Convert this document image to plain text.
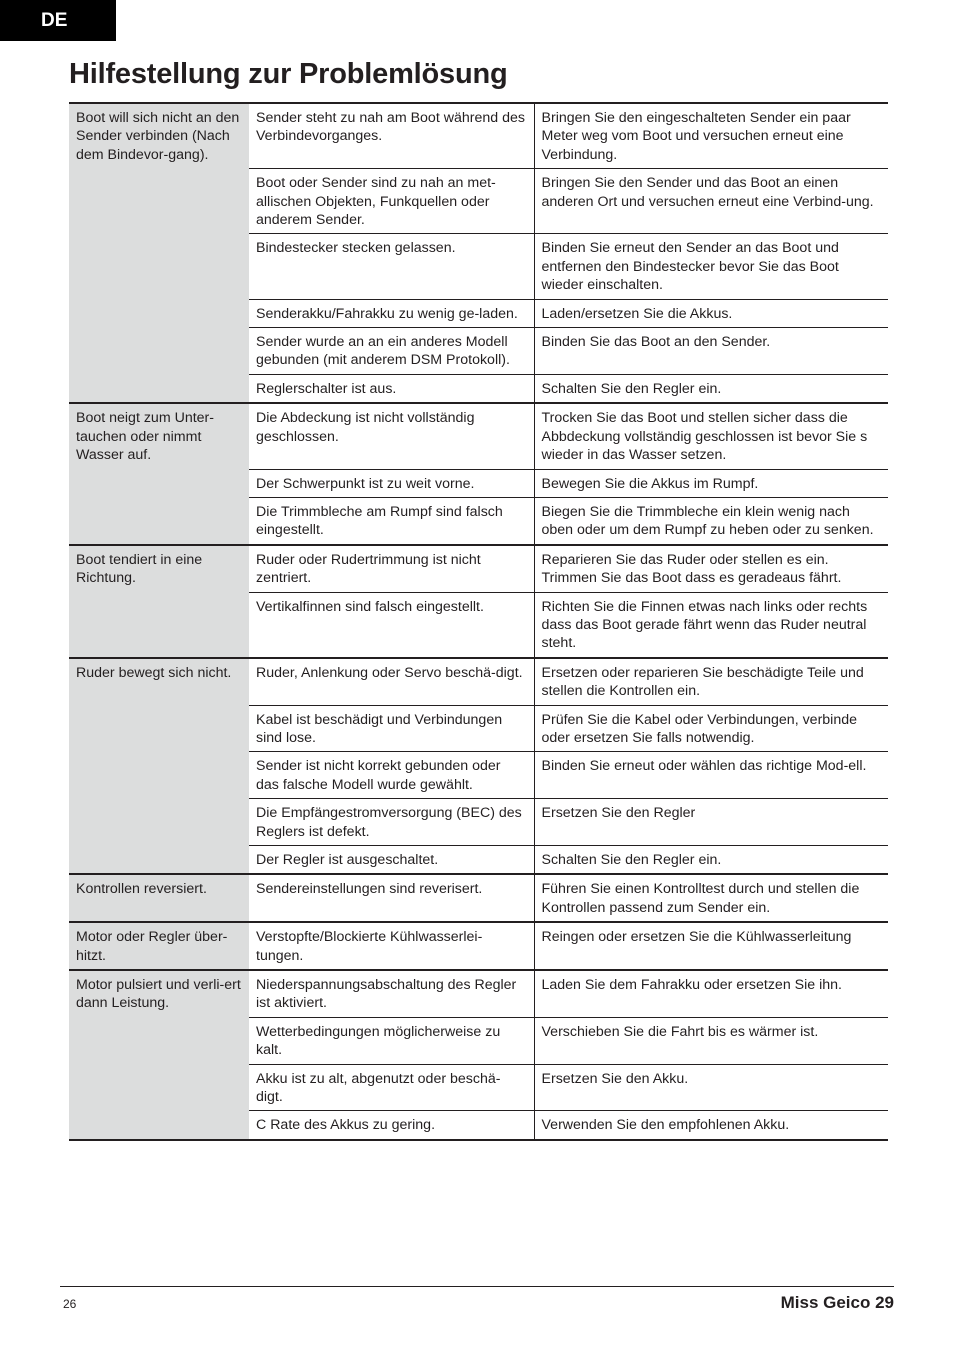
DE
Hilfestellung zur Problemlösung
Boot will sich nicht an den Sender verbinden (Nach dem Bindevor-gang).	Sender steht zu nah am Boot während des Verbindevorganges.	Bringen Sie den eingeschalteten Sender ein paar Meter weg vom Boot und versuchen erneut eine Verbindung.
	Boot oder Sender sind zu nah an met-allischen Objekten, Funkquellen oder anderem Sender.	Bringen Sie den Sender und das Boot an einen anderen Ort und versuchen erneut eine Verbind-ung.
	Bindestecker stecken gelassen.	Binden Sie erneut den Sender an das Boot und entfernen den Bindestecker bevor Sie das Boot wieder einschalten.
	Senderakku/Fahrakku zu wenig ge-laden.	Laden/ersetzen Sie die Akkus.
	Sender wurde an an ein anderes Modell gebunden (mit anderem DSM Protokoll).	Binden Sie das Boot an den Sender.
	Reglerschalter ist aus.	Schalten Sie den Regler ein.
Boot neigt zum Unter-tauchen oder nimmt Wasser auf.	Die Abdeckung ist nicht vollständig geschlossen.	Trocken Sie das Boot und stellen sicher dass die Abbdeckung vollständig geschlossen ist bevor Sie s wieder in das Wasser setzen.
	Der Schwerpunkt ist zu weit vorne.	Bewegen Sie die Akkus im Rumpf.
	Die Trimmbleche am Rumpf sind falsch eingestellt.	Biegen Sie die Trimmbleche ein klein wenig nach oben oder um dem Rumpf zu heben oder zu senken.
Boot tendiert in eine Richtung.	Ruder oder Rudertrimmung ist nicht zentriert.	Reparieren Sie das Ruder oder stellen es ein. Trimmen Sie das Boot dass es geradeaus fährt.
	Vertikalfinnen sind falsch eingestellt.	Richten Sie die Finnen etwas nach links oder rechts dass das Boot gerade fährt wenn das Ruder neutral steht.
Ruder bewegt sich nicht.	Ruder, Anlenkung oder Servo beschä-digt.	Ersetzen oder reparieren Sie beschädigte Teile und stellen die Kontrollen ein.
	Kabel ist beschädigt und Verbindungen sind lose.	Prüfen Sie die Kabel oder Verbindungen, verbinde oder ersetzen Sie falls notwendig.
	Sender ist nicht korrekt gebunden oder das falsche Modell wurde gewählt.	Binden Sie erneut oder wählen das richtige Mod-ell.
	Die Empfängestromversorgung (BEC) des Reglers ist defekt.	Ersetzen Sie den Regler
	Der Regler ist ausgeschaltet.	Schalten Sie den Regler ein.
Kontrollen reversiert.	Sendereinstellungen sind reverisert.	Führen Sie einen Kontrolltest durch und stellen die Kontrollen passend zum Sender ein.
Motor oder Regler über-hitzt.	Verstopfte/Blockierte Kühlwasserlei-tungen.	Reingen oder ersetzen Sie die Kühlwasserleitung
Motor pulsiert und verli-ert dann Leistung.	Niederspannungsabschaltung des Regler ist aktiviert.	Laden Sie dem Fahrakku oder ersetzen Sie ihn.
	Wetterbedingungen möglicherweise zu kalt.	Verschieben Sie die Fahrt bis es wärmer ist.
	Akku ist zu alt, abgenutzt oder beschä-digt.	Ersetzen Sie den Akku.
	C Rate des Akkus zu gering.	Verwenden Sie den empfohlenen Akku.
26	Miss Geico 29
